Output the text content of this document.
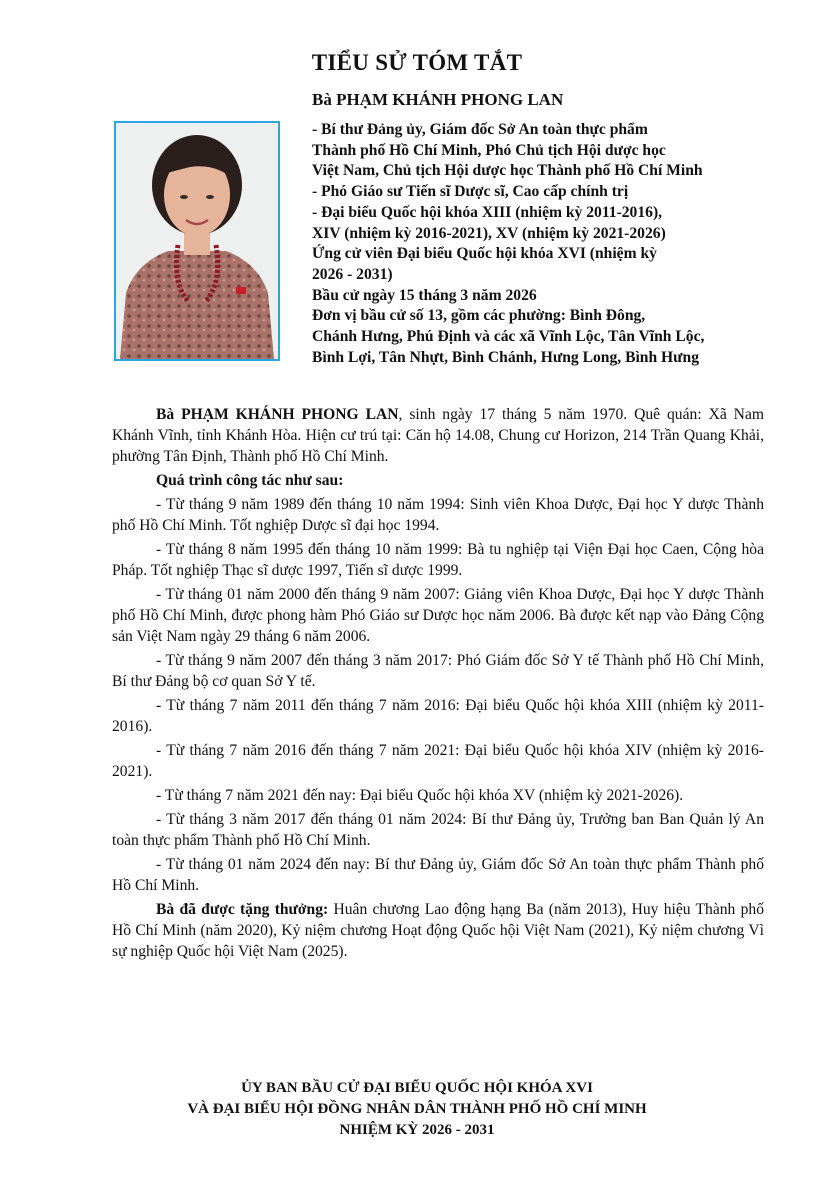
TIỂU SỬ TÓM TẮT
Bà PHẠM KHÁNH PHONG LAN
- Bí thư Đảng ủy, Giám đốc Sở An toàn thực phẩm
Thành phố Hồ Chí Minh, Phó Chủ tịch Hội dược học
Việt Nam, Chủ tịch Hội dược học Thành phố Hồ Chí Minh
- Phó Giáo sư Tiến sĩ Dược sĩ, Cao cấp chính trị
- Đại biểu Quốc hội khóa XIII (nhiệm kỳ 2011-2016),
XIV (nhiệm kỳ 2016-2021), XV (nhiệm kỳ 2021-2026)
Ứng cử viên Đại biểu Quốc hội khóa XVI (nhiệm kỳ
2026 - 2031)
Bầu cử ngày 15 tháng 3 năm 2026
Đơn vị bầu cử số 13, gồm các phường: Bình Đông,
Chánh Hưng, Phú Định và các xã Vĩnh Lộc, Tân Vĩnh Lộc,
Bình Lợi, Tân Nhựt, Bình Chánh, Hưng Long, Bình Hưng

Bà PHẠM KHÁNH PHONG LAN, sinh ngày 17 tháng 5 năm 1970. Quê quán: Xã Nam Khánh Vĩnh, tỉnh Khánh Hòa. Hiện cư trú tại: Căn hộ 14.08, Chung cư Horizon, 214 Trần Quang Khải, phường Tân Định, Thành phố Hồ Chí Minh.

Quá trình công tác như sau:

- Từ tháng 9 năm 1989 đến tháng 10 năm 1994: Sinh viên Khoa Dược, Đại học Y dược Thành phố Hồ Chí Minh. Tốt nghiệp Dược sĩ đại học 1994.

- Từ tháng 8 năm 1995 đến tháng 10 năm 1999: Bà tu nghiệp tại Viện Đại học Caen, Cộng hòa Pháp. Tốt nghiệp Thạc sĩ dược 1997, Tiến sĩ dược 1999.

- Từ tháng 01 năm 2000 đến tháng 9 năm 2007: Giảng viên Khoa Dược, Đại học Y dược Thành phố Hồ Chí Minh, được phong hàm Phó Giáo sư Dược học năm 2006. Bà được kết nạp vào Đảng Cộng sản Việt Nam ngày 29 tháng 6 năm 2006.

- Từ tháng 9 năm 2007 đến tháng 3 năm 2017: Phó Giám đốc Sở Y tế Thành phố Hồ Chí Minh, Bí thư Đảng bộ cơ quan Sở Y tế.

- Từ tháng 7 năm 2011 đến tháng 7 năm 2016: Đại biểu Quốc hội khóa XIII (nhiệm kỳ 2011-2016).

- Từ tháng 7 năm 2016 đến tháng 7 năm 2021: Đại biểu Quốc hội khóa XIV (nhiệm kỳ 2016-2021).

- Từ tháng 7 năm 2021 đến nay: Đại biểu Quốc hội khóa XV (nhiệm kỳ 2021-2026).

- Từ tháng 3 năm 2017 đến tháng 01 năm 2024: Bí thư Đảng ủy, Trưởng ban Ban Quản lý An toàn thực phẩm Thành phố Hồ Chí Minh.

- Từ tháng 01 năm 2024 đến nay: Bí thư Đảng ủy, Giám đốc Sở An toàn thực phẩm Thành phố Hồ Chí Minh.

Bà đã được tặng thưởng: Huân chương Lao động hạng Ba (năm 2013), Huy hiệu Thành phố Hồ Chí Minh (năm 2020), Kỷ niệm chương Hoạt động Quốc hội Việt Nam (2021), Kỷ niệm chương Vì sự nghiệp Quốc hội Việt Nam (2025).

ỦY BAN BẦU CỬ ĐẠI BIỂU QUỐC HỘI KHÓA XVI
VÀ ĐẠI BIỂU HỘI ĐỒNG NHÂN DÂN THÀNH PHỐ HỒ CHÍ MINH
NHIỆM KỲ 2026 - 2031
